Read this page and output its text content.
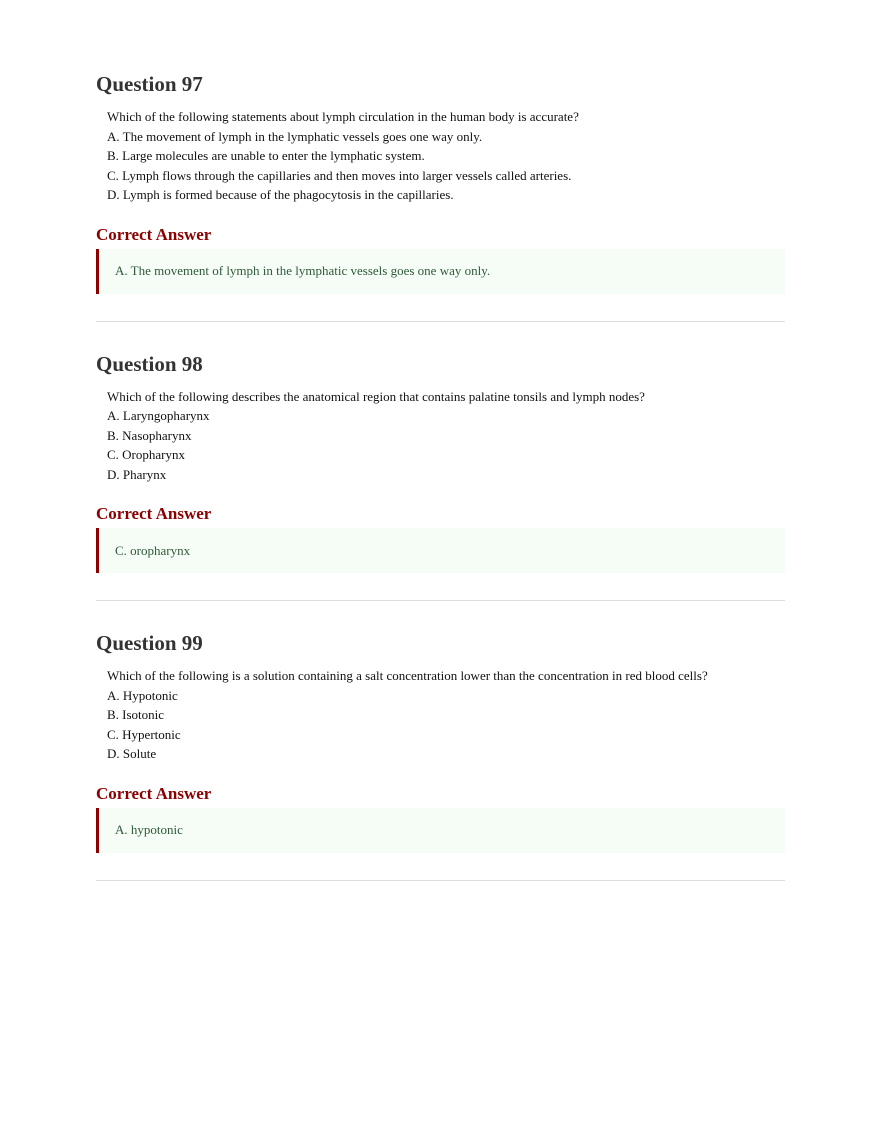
Question 97

Which of the following statements about lymph circulation in the human body is accurate?

A. The movement of lymph in the lymphatic vessels goes one way only.

B. Large molecules are unable to enter the lymphatic system.

C. Lymph flows through the capillaries and then moves into larger vessels called arteries.

D. Lymph is formed because of the phagocytosis in the capillaries.

Correct Answer
A. The movement of lymph in the lymphatic vessels goes one way only.
Question 98

Which of the following describes the anatomical region that contains palatine tonsils and lymph nodes?

A. Laryngopharynx

B. Nasopharynx

C. Oropharynx

D. Pharynx

Correct Answer
C. oropharynx
Question 99

Which of the following is a solution containing a salt concentration lower than the concentration in red blood cells?

A. Hypotonic

B. Isotonic

C. Hypertonic

D. Solute

Correct Answer
A. hypotonic
